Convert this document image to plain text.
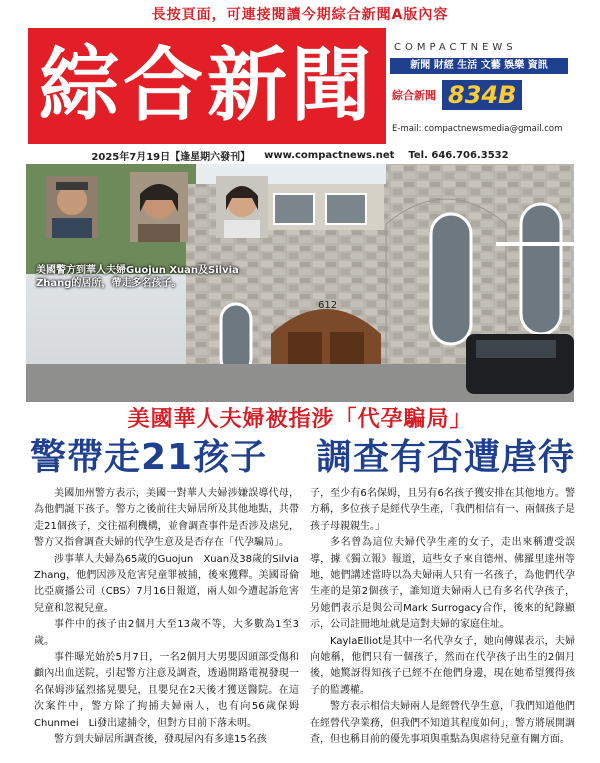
長按頁面，可連接閱讀今期綜合新聞A版內容
綜合新聞 COMPACTNEWS
新聞 財經 生活 文藝 娛樂 資訊
綜合新聞 834B
E-mail: compactnewsmedia@gmail.com
2025年7月19日【逢星期六發刊】 www.compactnews.net Tel. 646.706.3532
612
美國警方到華人夫婦Guojun Xuan及Silvia Zhang的居所，帶走多名孩子。
美國華人夫婦被指涉「代孕騙局」
警帶走21孩子 調查有否遭虐待

美國加州警方表示，美國一對華人夫婦涉嫌誤導代母，為他們誕下孩子。警方之後前往夫婦居所及其他地點，共帶走21個孩子，交往福利機構，並會調查事件是否涉及虐兒，警方又指會調查夫婦的代孕生意及是否存在「代孕騙局」。

涉事華人夫婦為65歲的Guojun　Xuan及38歲的Silvia Zhang，他們因涉及危害兒童罪被捕，後來獲釋。美國哥倫比亞廣播公司（CBS）7月16日報道，兩人如今遭起訴危害兒童和忽視兒童。

事件中的孩子由2個月大至13歲不等，大多數為1至3歲。

事件曝光始於5月7日，一名2個月大男嬰因頭部受傷和顱內出血送院，引起警方注意及調查，透過開路電視發現一名保姆涉猛烈搖晃嬰兒，且嬰兒在2天後才獲送醫院。在這次案件中，警方除了拘捕夫婦兩人，也有向56歲保姆Chunmei　Li發出逮捕令，但對方目前下落未明。

警方到夫婦居所調查後，發現屋內有多達15名孩

子，至少有6名保姆，且另有6名孩子獲安排在其他地方。警方稱，多位孩子是經代孕生產，「我們相信有一、兩個孩子是孩子母親親生。」

多名曾為這位夫婦代孕生產的女子，走出來稱遭受誤導，據《獨立報》報道，這些女子來自德州、佛羅里達州等地，她們講述當時以為夫婦兩人只有一名孩子，為他們代孕生產的是第2個孩子，誰知道夫婦兩人已有多名代孕孩子，另她們表示是與公司Mark Surrogacy合作，後來的紀錄顯示，公司註冊地址就是這對夫婦的家庭住址。

KaylaElliot是其中一名代孕女子，她向傳媒表示，夫婦向她稱，他們只有一個孩子，然而在代孕孩子出生的2個月後，她驚訝得知孩子已經不在他們身邊，現在她希望獲得孩子的監護權。

警方表示相信夫婦兩人是經營代孕生意，「我們知道他們在經營代孕業務，但我們不知道其程度如何」，警方將展開調查，但也稱目前的優先事項與重點為與虐待兒童有關方面。
